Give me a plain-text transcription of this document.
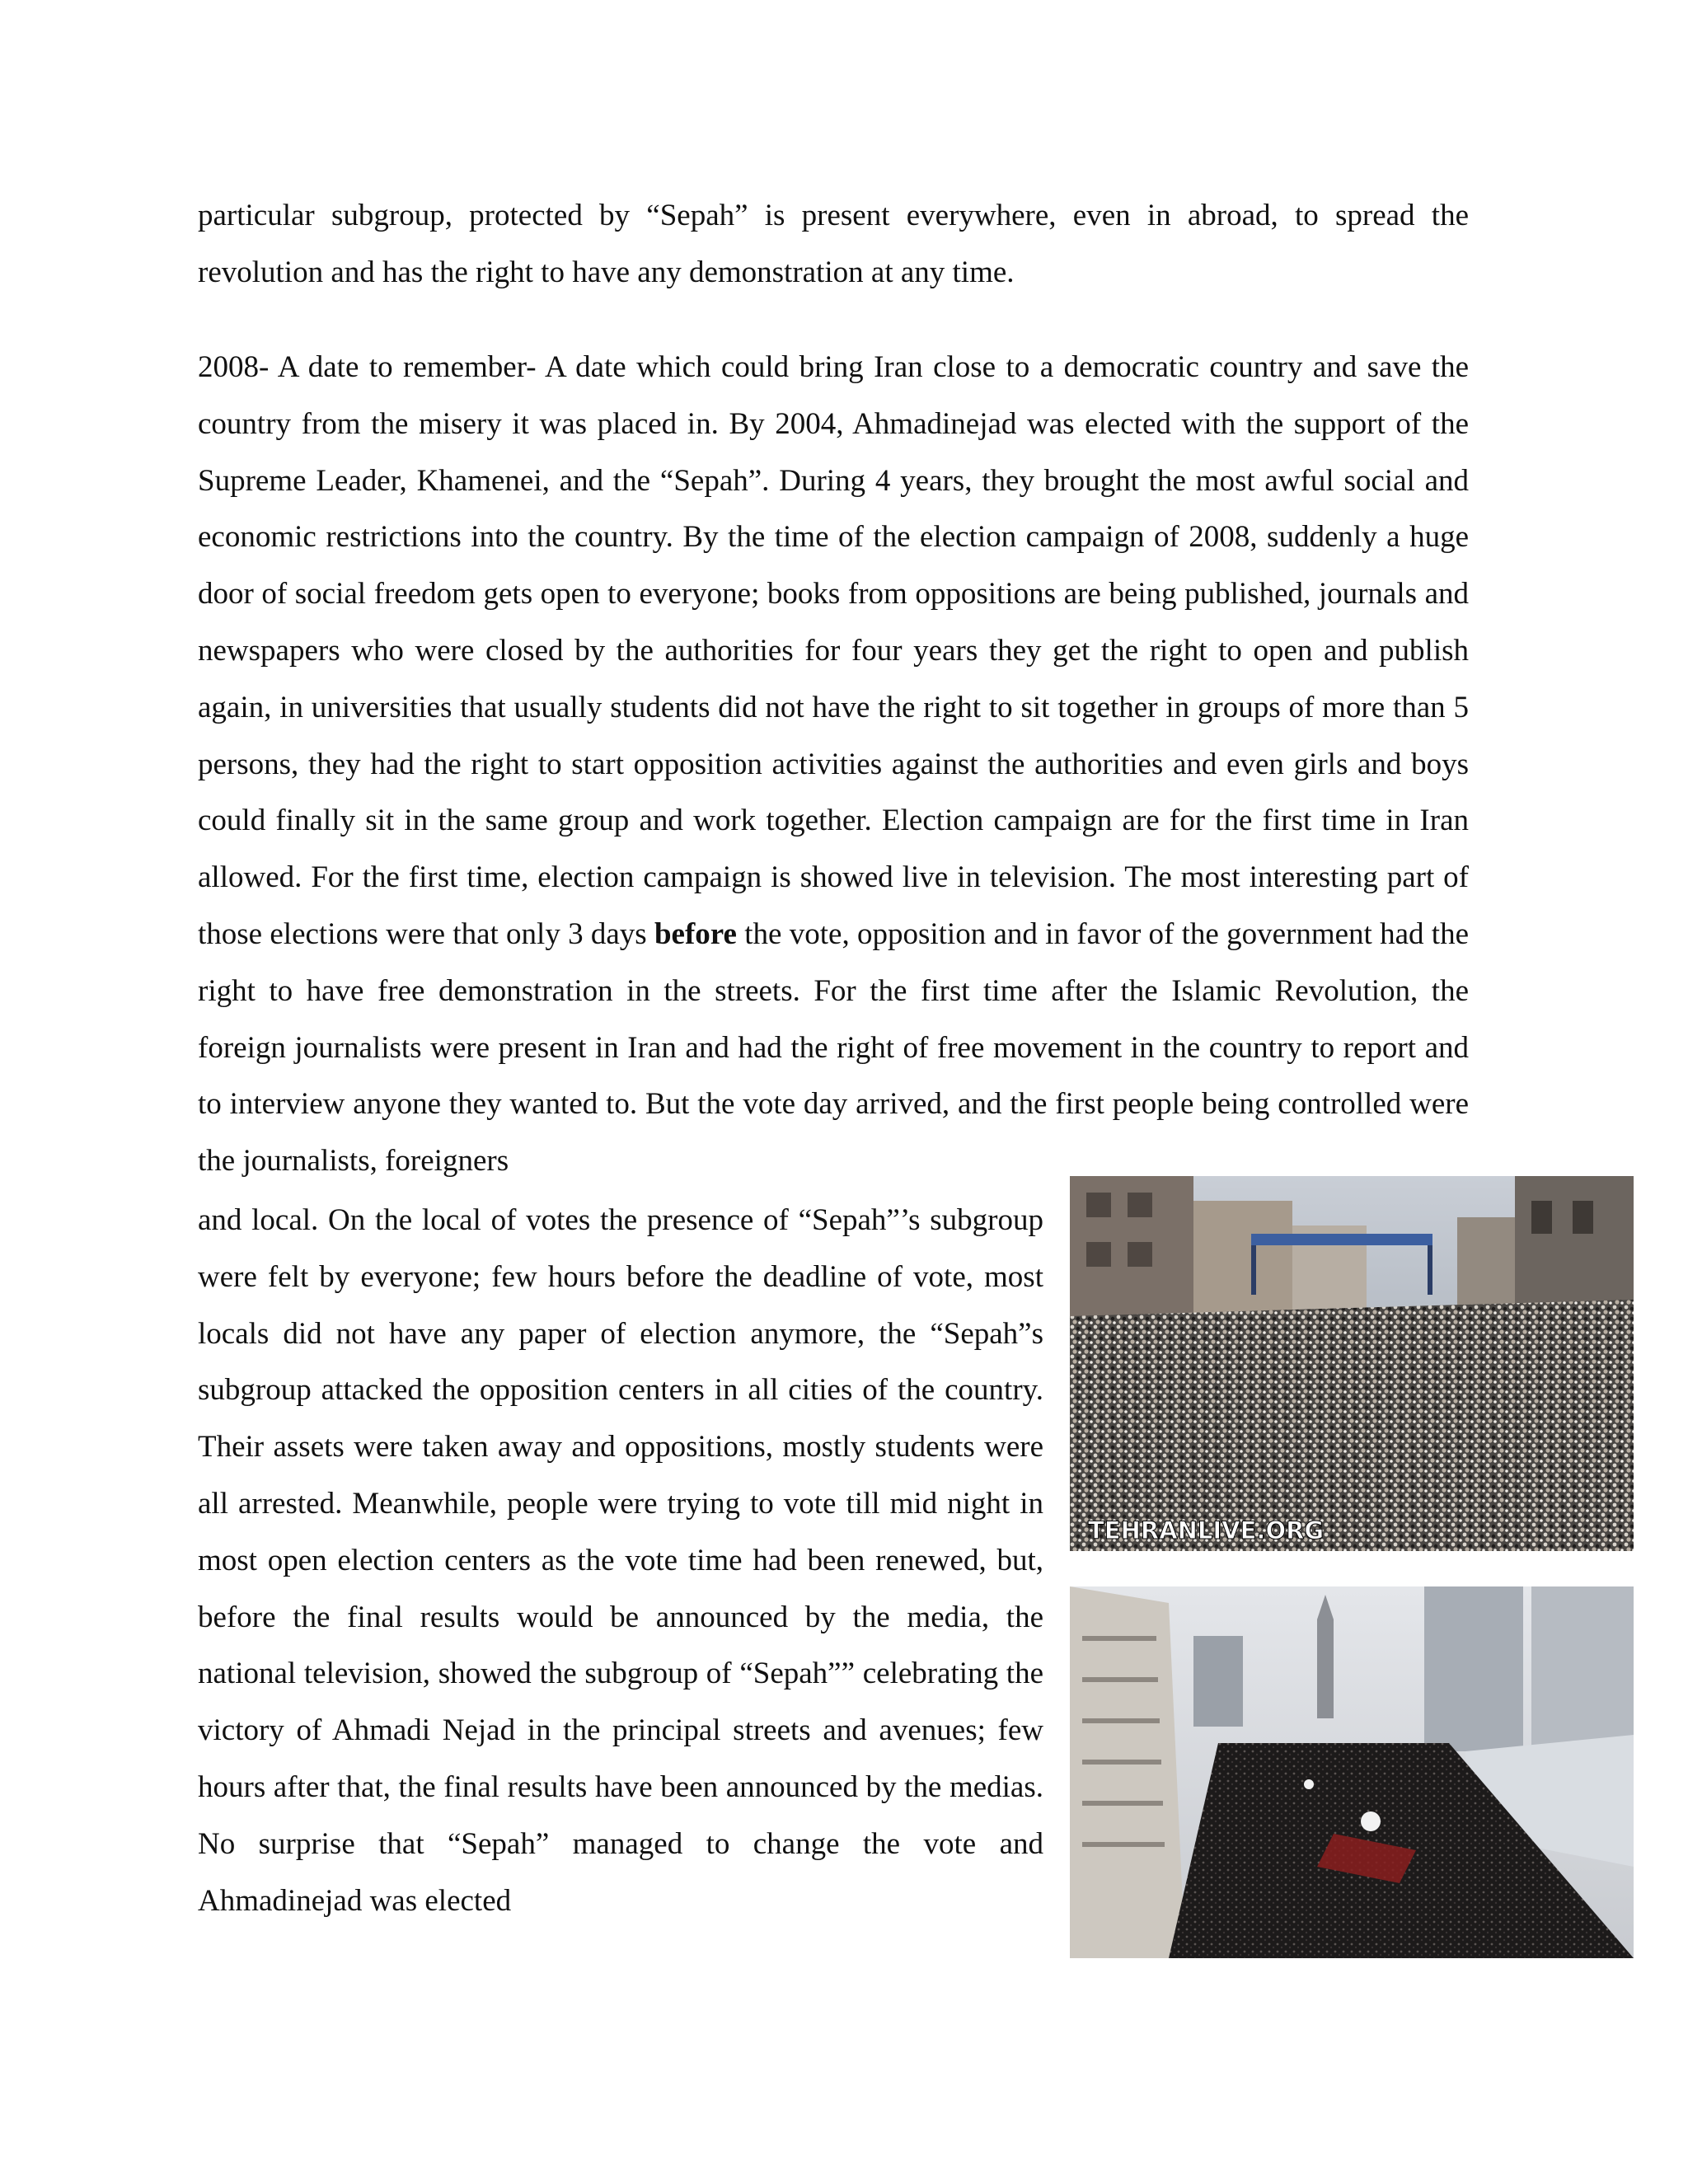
particular subgroup, protected by “Sepah” is present everywhere, even in abroad, to spread the revolution and has the right to have any demonstration at any time.

2008- A date to remember- A date which could bring Iran close to a democratic country and save the country from the misery it was placed in. By 2004, Ahmadinejad was elected with the support of the Supreme Leader, Khamenei, and the “Sepah”. During 4 years, they brought the most awful social and economic restrictions into the country. By the time of the election campaign of 2008, suddenly a huge door of social freedom gets open to everyone; books from oppositions are being published, journals and newspapers who were closed by the authorities for four years they get the right to open and publish again, in universities that usually students did not have the right to sit together in groups of more than 5 persons, they had the right to start opposition activities against the authorities and even girls and boys could finally sit in the same group and work together. Election campaign are for the first time in Iran allowed. For the first time, election campaign is showed live in television. The most interesting part of those elections were that only 3 days before the vote, opposition and in favor of the government had the right to have free demonstration in the streets. For the first time after the Islamic Revolution, the foreign journalists were present in Iran and had the right of free movement in the country to report and to interview anyone they wanted to. But the vote day arrived, and the first people being controlled were the journalists, foreigners

and local. On the local of votes the presence of “Sepah”’s subgroup were felt by everyone; few hours before the deadline of vote, most locals did not have any paper of election anymore, the “Sepah”s subgroup attacked the opposition centers in all cities of the country. Their assets were taken away and oppositions, mostly students were all arrested. Meanwhile, people were trying to vote till mid night in most open election centers as the vote time had been renewed, but, before the final results would be announced by the media, the national television, showed the subgroup of “Sepah”” celebrating the victory of Ahmadi Nejad in the principal streets and avenues; few hours after that, the final results have been announced by the medias. No surprise that “Sepah” managed to change the vote and Ahmadinejad was elected

TEHRANLIVE.ORG
